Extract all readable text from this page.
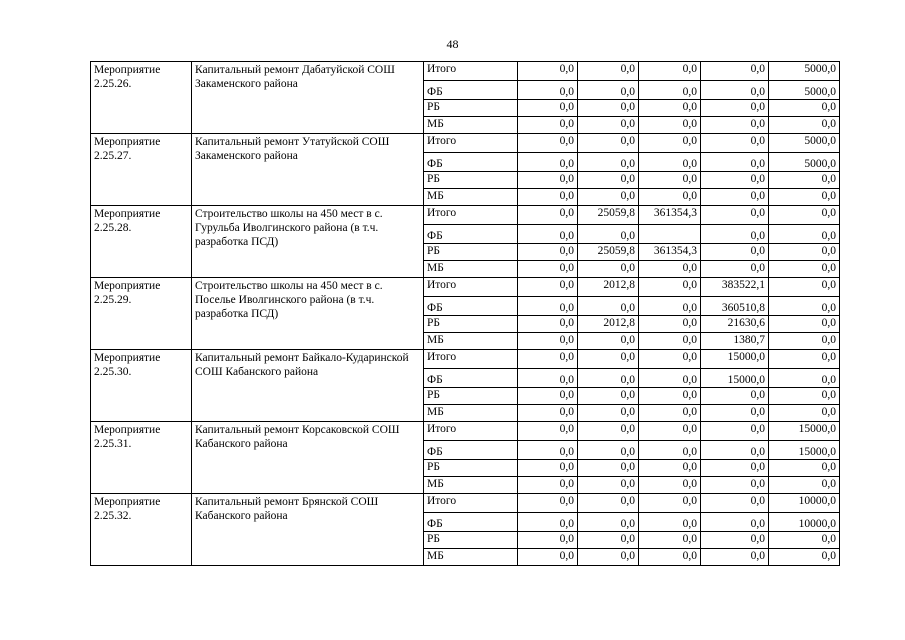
48
Мероприятие 2.25.26.	Капитальный ремонт Дабатуйской СОШ Закаменского района	Итого	0,0	0,0	0,0	0,0	5000,0
		ФБ	0,0	0,0	0,0	0,0	5000,0
		РБ	0,0	0,0	0,0	0,0	0,0
		МБ	0,0	0,0	0,0	0,0	0,0
Мероприятие 2.25.27.	Капитальный ремонт Утатуйской СОШ Закаменского района	Итого	0,0	0,0	0,0	0,0	5000,0
		ФБ	0,0	0,0	0,0	0,0	5000,0
		РБ	0,0	0,0	0,0	0,0	0,0
		МБ	0,0	0,0	0,0	0,0	0,0
Мероприятие 2.25.28.	Строительство школы на 450 мест в с. Гурульба Иволгинского района (в т.ч. разработка ПСД)	Итого	0,0	25059,8	361354,3	0,0	0,0
		ФБ	0,0	0,0		0,0	0,0
		РБ	0,0	25059,8	361354,3	0,0	0,0
		МБ	0,0	0,0	0,0	0,0	0,0
Мероприятие 2.25.29.	Строительство школы на 450 мест в с. Поселье Иволгинского района (в т.ч. разработка ПСД)	Итого	0,0	2012,8	0,0	383522,1	0,0
		ФБ	0,0	0,0	0,0	360510,8	0,0
		РБ	0,0	2012,8	0,0	21630,6	0,0
		МБ	0,0	0,0	0,0	1380,7	0,0
Мероприятие 2.25.30.	Капитальный ремонт Байкало-Кударинской СОШ Кабанского района	Итого	0,0	0,0	0,0	15000,0	0,0
		ФБ	0,0	0,0	0,0	15000,0	0,0
		РБ	0,0	0,0	0,0	0,0	0,0
		МБ	0,0	0,0	0,0	0,0	0,0
Мероприятие 2.25.31.	Капитальный ремонт Корсаковской СОШ Кабанского района	Итого	0,0	0,0	0,0	0,0	15000,0
		ФБ	0,0	0,0	0,0	0,0	15000,0
		РБ	0,0	0,0	0,0	0,0	0,0
		МБ	0,0	0,0	0,0	0,0	0,0
Мероприятие 2.25.32.	Капитальный ремонт Брянской СОШ Кабанского района	Итого	0,0	0,0	0,0	0,0	10000,0
		ФБ	0,0	0,0	0,0	0,0	10000,0
		РБ	0,0	0,0	0,0	0,0	0,0
		МБ	0,0	0,0	0,0	0,0	0,0
